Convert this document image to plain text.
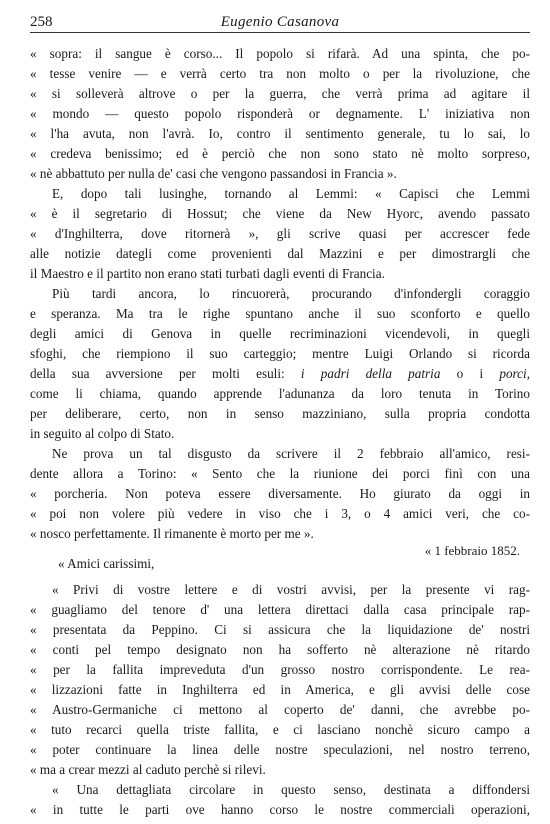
258	Eugenio Casanova
« sopra: il sangue è corso... Il popolo si rifarà. Ad una spinta, che po-
« tesse venire — e verrà certo tra non molto o per la rivoluzione, che
« si solleverà altrove o per la guerra, che verrà prima ad agitare il
« mondo — questo popolo risponderà or degnamente. L' iniziativa non
« l'ha avuta, non l'avrà. Io, contro il sentimento generale, tu lo sai, lo
« credeva benissimo; ed è perciò che non sono stato nè molto sorpreso,
« nè abbattuto per nulla de' casi che vengono passandosi in Francia ».
E, dopo tali lusinghe, tornando al Lemmi: « Capisci che Lemmi
« è il segretario di Hossut; che viene da New Hyorc, avendo passato
« d'Inghilterra, dove ritornerà », gli scrive quasi per accrescer fede
alle notizie dategli come provenienti dal Mazzini e per dimostrargli che
il Maestro e il partito non erano stati turbati dagli eventi di Francia.
Più tardi ancora, lo rincuorerà, procurando d'infondergli coraggio
e speranza. Ma tra le righe spuntano anche il suo sconforto e quello
degli amici di Genova in quelle recriminazioni vicendevoli, in quegli
sfoghi, che riempiono il suo carteggio; mentre Luigi Orlando si ricorda
della sua avversione per molti esuli: i padri della patria o i porci,
come li chiama, quando apprende l'adunanza da loro tenuta in Torino
per deliberare, certo, non in senso mazziniano, sulla propria condotta
in seguito al colpo di Stato.
Ne prova un tal disgusto da scrivere il 2 febbraio all'amico, resi-
dente allora a Torino: « Sento che la riunione dei porci finì con una
« porcheria. Non poteva essere diversamente. Ho giurato da oggi in
« poi non volere più vedere in viso che i 3, o 4 amici veri, che co-
« nosco perfettamente. Il rimanente è morto per me ».
« 1 febbraio 1852.
« Amici carissimi,
« Privi di vostre lettere e di vostri avvisi, per la presente vi rag-
« guagliamo del tenore d' una lettera direttaci dalla casa principale rap-
« presentata da Peppino. Ci si assicura che la liquidazione de' nostri
« conti pel tempo designato non ha sofferto nè alterazione nè ritardo
« per la fallita impreveduta d'un grosso nostro corrispondente. Le rea-
« lizzazioni fatte in Inghilterra ed in America, e gli avvisi delle cose
« Austro-Germaniche ci mettono al coperto de' danni, che avrebbe po-
« tuto recarci quella triste fallita, e ci lasciano nonchè sicuro campo a
« poter continuare la linea delle nostre speculazioni, nel nostro terreno,
« ma a crear mezzi al caduto perchè si rilevi.
« Una dettagliata circolare in questo senso, destinata a diffondersi
« in tutte le parti ove hanno corso le nostre commerciali operazioni,
